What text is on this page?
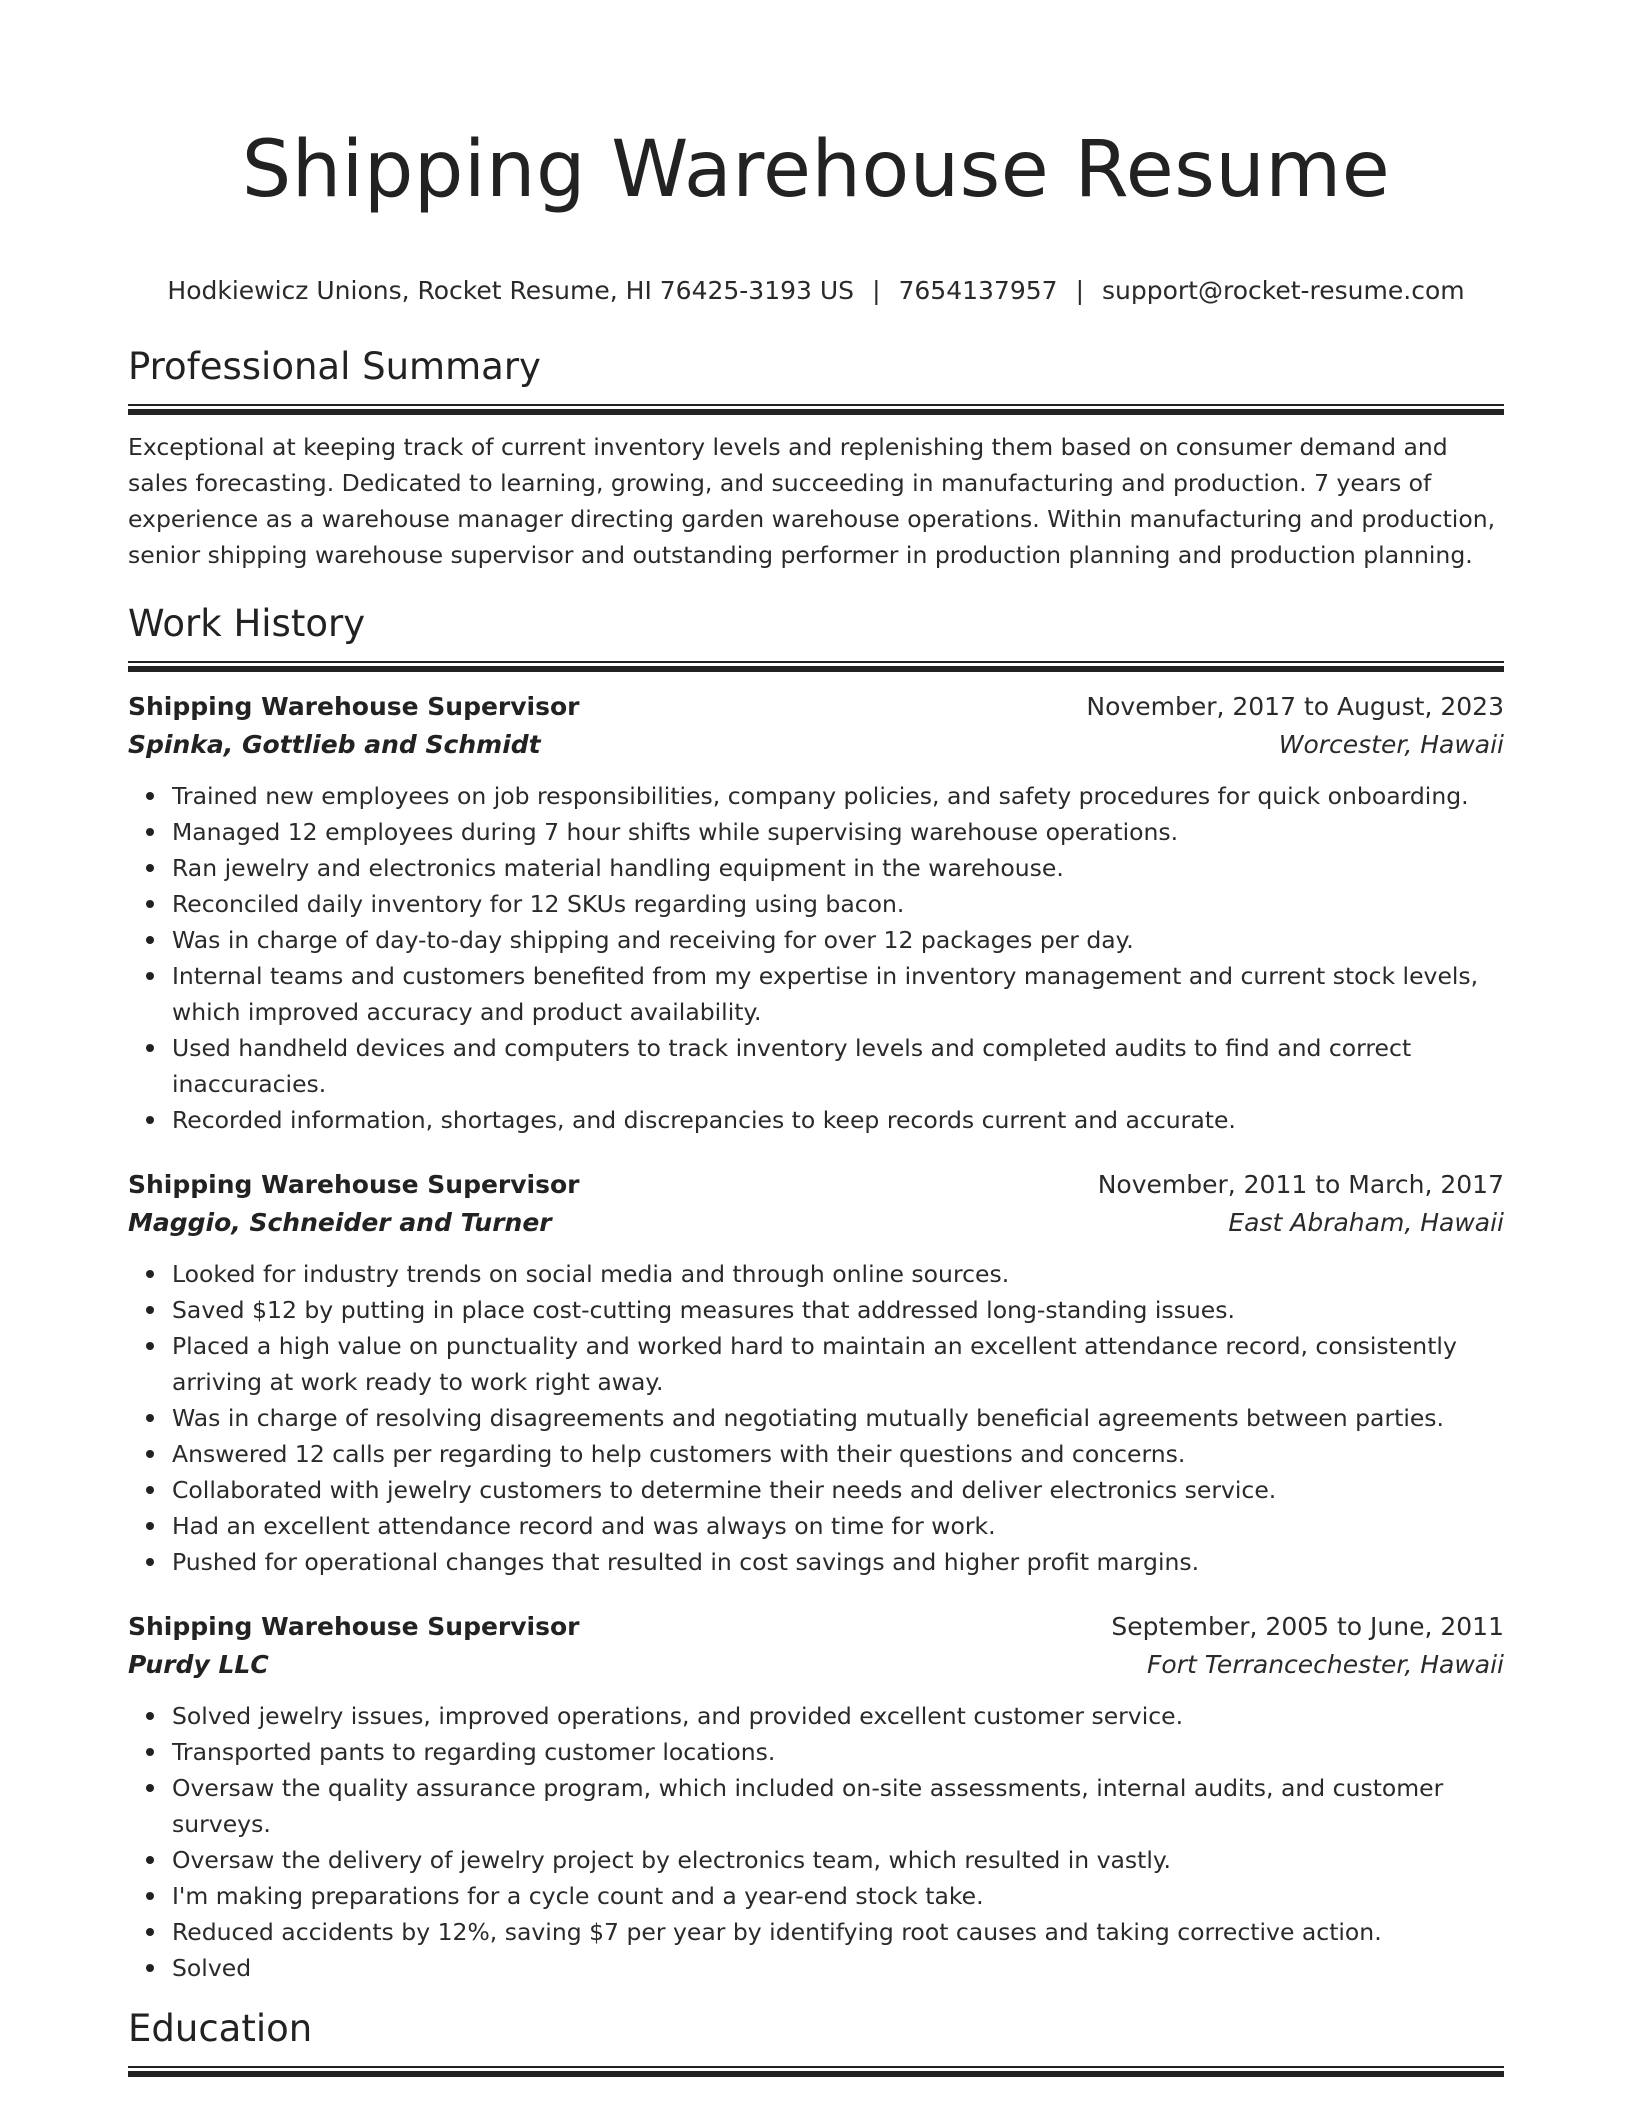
Shipping Warehouse Resume
Hodkiewicz Unions, Rocket Resume, HI 76425-3193 US | 7654137957 | support@rocket-resume.com
Professional Summary

Exceptional at keeping track of current inventory levels and replenishing them based on consumer demand and sales forecasting. Dedicated to learning, growing, and succeeding in manufacturing and production. 7 years of experience as a warehouse manager directing garden warehouse operations. Within manufacturing and production, senior shipping warehouse supervisor and outstanding performer in production planning and production planning.

Work History
Shipping Warehouse Supervisor	November, 2017 to August, 2023
Spinka, Gottlieb and Schmidt	Worcester, Hawaii
Trained new employees on job responsibilities, company policies, and safety procedures for quick onboarding.
Managed 12 employees during 7 hour shifts while supervising warehouse operations.
Ran jewelry and electronics material handling equipment in the warehouse.
Reconciled daily inventory for 12 SKUs regarding using bacon.
Was in charge of day-to-day shipping and receiving for over 12 packages per day.
Internal teams and customers benefited from my expertise in inventory management and current stock levels, which improved accuracy and product availability.
Used handheld devices and computers to track inventory levels and completed audits to find and correct inaccuracies.
Recorded information, shortages, and discrepancies to keep records current and accurate.
Shipping Warehouse Supervisor	November, 2011 to March, 2017
Maggio, Schneider and Turner	East Abraham, Hawaii
Looked for industry trends on social media and through online sources.
Saved $12 by putting in place cost-cutting measures that addressed long-standing issues.
Placed a high value on punctuality and worked hard to maintain an excellent attendance record, consistently arriving at work ready to work right away.
Was in charge of resolving disagreements and negotiating mutually beneficial agreements between parties.
Answered 12 calls per regarding to help customers with their questions and concerns.
Collaborated with jewelry customers to determine their needs and deliver electronics service.
Had an excellent attendance record and was always on time for work.
Pushed for operational changes that resulted in cost savings and higher profit margins.
Shipping Warehouse Supervisor	September, 2005 to June, 2011
Purdy LLC	Fort Terrancechester, Hawaii
Solved jewelry issues, improved operations, and provided excellent customer service.
Transported pants to regarding customer locations.
Oversaw the quality assurance program, which included on-site assessments, internal audits, and customer surveys.
Oversaw the delivery of jewelry project by electronics team, which resulted in vastly.
I'm making preparations for a cycle count and a year-end stock take.
Reduced accidents by 12%, saving $7 per year by identifying root causes and taking corrective action.
Solved
Education
